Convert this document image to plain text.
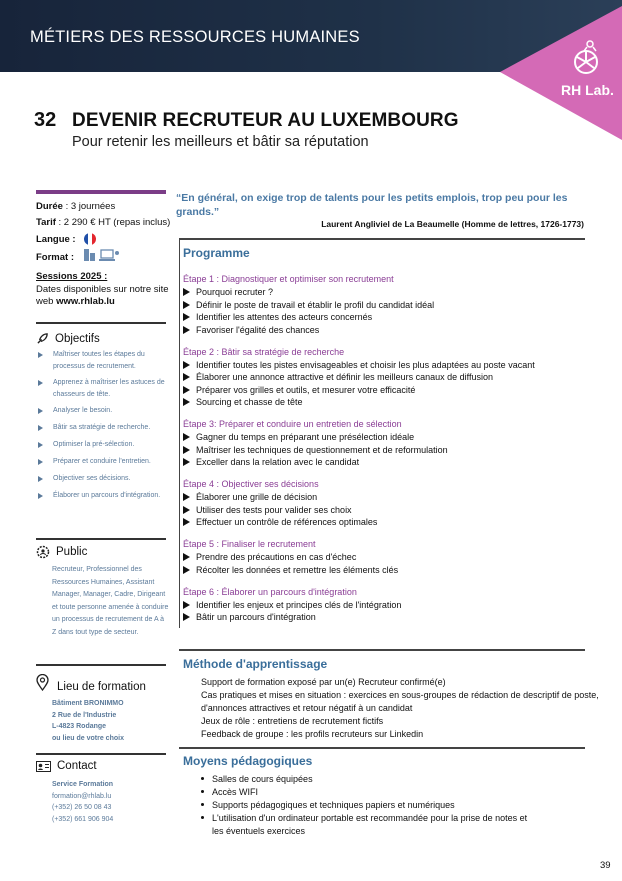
MÉTIERS DES RESSOURCES HUMAINES
RH Lab.
32 DEVENIR RECRUTEUR AU LUXEMBOURG
Pour retenir les meilleurs et bâtir sa réputation
Durée : 3 journées
Tarif : 2 290 € HT (repas inclus)
Langue :
Format :
Sessions 2025 :
Dates disponibles sur notre site
web www.rhlab.lu
Objectifs
Maîtriser toutes les étapes du
processus de recrutement.
Apprenez à maîtriser les astuces de
chasseurs de tête.
Analyser le besoin.
Bâtir sa stratégie de recherche.
Optimiser la pré-sélection.
Préparer et conduire l'entretien.
Objectiver ses décisions.
Élaborer un parcours d'intégration.
Public
Recruteur, Professionnel des
Ressources Humaines, Assistant
Manager, Manager, Cadre, Dirigeant
et toute personne amenée à conduire
un processus de recrutement de A à
Z dans tout type de secteur.
Lieu de formation
Bâtiment BRONIMMO
2 Rue de l'Industrie
L-4823 Rodange
ou lieu de votre choix
Contact
Service Formation
formation@rhlab.lu
(+352) 26 50 08 43
(+352) 661 906 904
“En général, on exige trop de talents pour les petits emplois, trop peu pour les grands.”
Laurent Angliviel de La Beaumelle (Homme de lettres, 1726-1773)
Programme
Étape 1 : Diagnostiquer et optimiser son recrutement
Pourquoi recruter ?
Définir le poste de travail et établir le profil du candidat idéal
Identifier les attentes des acteurs concernés
Favoriser l'égalité des chances
Étape 2 : Bâtir sa stratégie de recherche
Identifier toutes les pistes envisageables et choisir les plus adaptées au poste vacant
Élaborer une annonce attractive et définir les meilleurs canaux de diffusion
Préparer vos grilles et outils, et mesurer votre efficacité
Sourcing et chasse de tête
Étape 3: Préparer et conduire un entretien de sélection
Gagner du temps en préparant une présélection idéale
Maîtriser les techniques de questionnement et de reformulation
Exceller dans la relation avec le candidat
Étape 4 : Objectiver ses décisions
Élaborer une grille de décision
Utiliser des tests pour valider ses choix
Effectuer un contrôle de références optimales
Étape 5 : Finaliser le recrutement
Prendre des précautions en cas d'échec
Récolter les données et remettre les éléments clés
Étape 6 : Élaborer un parcours d'intégration
Identifier les enjeux et principes clés de l'intégration
Bâtir un parcours d'intégration
Méthode d'apprentissage
Support de formation exposé par un(e) Recruteur confirmé(e)
Cas pratiques et mises en situation : exercices en sous-groupes de rédaction de descriptif de poste,
d'annonces attractives et retour négatif à un candidat
Jeux de rôle : entretiens de recrutement fictifs
Feedback de groupe : les profils recruteurs sur Linkedin
Moyens pédagogiques
Salles de cours équipées
Accès WIFI
Supports pédagogiques et techniques papiers et numériques
L'utilisation d'un ordinateur portable est recommandée pour la prise de notes et
les éventuels exercices
39
